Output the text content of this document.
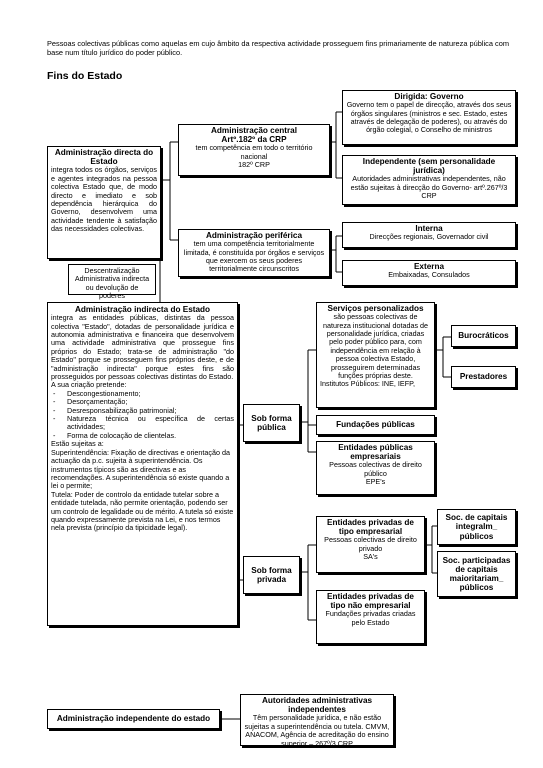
Pessoas colectivas públicas como aquelas em cujo âmbito da respectiva actividade prosseguem fins primariamente de natureza pública com base num título jurídico do poder público.
Fins do Estado
Administração directa do Estado
integra todos os órgãos, serviços e agentes integrados na pessoa colectiva Estado que, de modo directo e imediato e sob dependência hierárquica do Governo, desenvolvem uma actividade tendente à satisfação das necessidades colectivas.
Administração central
Artº.182º da CRP
tem competência em todo o território nacional
182º CRP
Dirigida: Governo
Governo tem o papel de direcção, através dos seus órgãos singulares (ministros e sec. Estado, estes através de delegação de poderes), ou através do órgão colegial, o Conselho de ministros
Independente (sem personalidade jurídica)
Autoridades administrativas independentes, não estão sujeitas à direcção do Governo- artº.267º/3 CRP
Administração periférica
tem uma competência territorialmente limitada, é constituída por órgãos e serviços que exercem os seus poderes territorialmente circunscritos
Interna
Direcções regionais, Governador civil
Externa
Embaixadas, Consulados
Descentralização Administrativa indirecta ou devolução de poderes
Administração indirecta do Estado
integra as entidades públicas, distintas da pessoa colectiva "Estado", dotadas de personalidade jurídica e autonomia administrativa e financeira que desenvolvem uma actividade administrativa que prossegue fins próprios do Estado; trata-se de administração "do Estado" porque se prosseguem fins próprios deste, e de "administração indirecta" porque estes fins são prosseguidos por pessoas colectivas distintas do Estado.
A sua criação pretende:
- Descongestionamento;
- Desorçamentação;
- Desresponsabilização patrimonial;
- Natureza técnica ou específica de certas actividades;
- Forma de colocação de clientelas.
Estão sujeitas a:
Superintendência: Fixação de directivas e orientação da actuação da p.c. sujeita à superintendência. Os instrumentos típicos são as directivas e as recomendações. A superintendência só existe quando a lei o permite;
Tutela: Poder de controlo da entidade tutelar sobre a entidade tutelada, não permite orientação, podendo ser um controlo de legalidade ou de mérito. A tutela só existe quando expressamente prevista na Lei, e nos termos nela prevista (princípio da tipicidade legal).
Sob forma pública
Sob forma privada
Serviços personalizados
são pessoas colectivas de natureza institucional dotadas de personalidade jurídica, criadas pelo poder público para, com independência em relação à pessoa colectiva Estado, prosseguirem determinadas funções próprias deste.
Institutos Públicos: INE, IEFP,
Burocráticos
Prestadores
Fundações públicas
Entidades públicas empresariais
Pessoas colectivas de direito público
EPE's
Entidades privadas de tipo empresarial
Pessoas colectivas de direito privado
SA's
Soc. de capitais integralm_ públicos
Soc. participadas de capitais maioritariam_ públicos
Entidades privadas de tipo não empresarial
Fundações privadas criadas pelo Estado
Administração independente do estado
Autoridades administrativas independentes
Têm personalidade jurídica, e não estão sujeitas a superintendência ou tutela. CMVM, ANACOM, Agência de acreditação do ensino superior – 267º/3 CRP
